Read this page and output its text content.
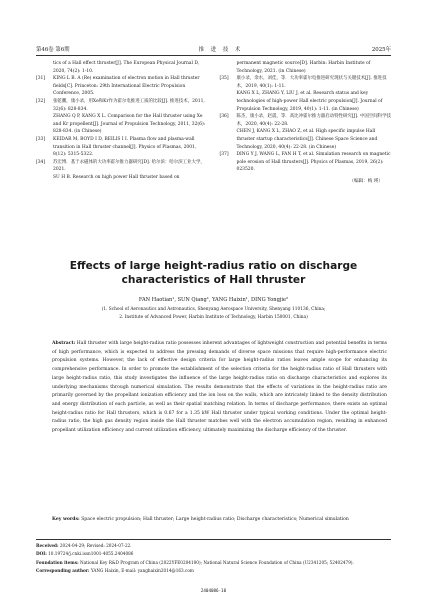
第46卷 第6期	推 进 技 术	2025年
tics of a Hall effect thruster[J]. The European Physical Journal D, 2020, 74(2): 1-10.
[31]	KING L B. A (Re) examination of electron motion in Hall thruster fields[C]. Princeton: 29th International Electric Propulsion Conference, 2005.
[32]	张乾鹏，康小录，用Xe和Kr作为霍尔电推进工质的比较[J]. 推进技术，2011, 32(6): 828-834.
ZHANG Q P, KANG X L. Comparison for the Hall thruster using Xe and Kr propellent[J]. Journal of Propulsion Technology, 2011, 32(6): 828-834. (in Chinese)
[33]	KEIDAR M, BOYD I D, BEILIS I I. Plasma flow and plasma-wall transition in Hall thruster channel[J]. Physics of Plasmas, 2001, 8(12): 5315-5322.
[34]	苏宏博．基于永磁体的大功率霍尔推力器研究[D]. 哈尔滨：哈尔滨工业大学，2021.
SU H B. Research on high power Hall thruster based on
permanent magnetic source[D]. Harbin: Harbin Institute of Technology, 2021. (in Chinese)
[35]	康小录，余水，刘佳，等．大功率霍尔电推进研究现状与关键技术[J]. 推进技术，2019, 40(1): 1-11.
KANG X L, ZHANG Y, LIU J, et al. Research status and key technologies of high-power Hall electric propulsion[J]. Journal of Propulsion Technology, 2019, 40(1): 1-11. (in Chinese)
[36]	陈杰，康小录，赵震，等．高比冲霍尔推力器启动特性研究[J]. 中国空间科学技术，2020, 40(4): 22-28.
CHEN J, KANG X L, ZHAO Z, et al. High specific impulse Hall thruster startup characteristics[J]. Chinese Space Science and Technology, 2020, 40(4): 22-28. (in Chinese)
[37]	DING Y J, WANG L, FAN H T, et al. Simulation research on magnetic pole erosion of Hall thrusters[J]. Physics of Plasmas, 2019, 26(2): 023520.
（编辑：梅 瑛）
Effects of large height-radius ratio on discharge characteristics of Hall thruster
FAN Haotian¹, SUN Qiang¹, YANG Haixin¹, DING Yongjie²
(1. School of Aeronautics and Astronautics, Shenyang Aerospace University, Shenyang 110136, China;
2. Institute of Advanced Power, Harbin Institute of Technology, Harbin 150001, China)
Abstract: Hall thruster with large height-radius ratio possesses inherent advantages of lightweight construction and potential benefits in terms of high performance, which is expected to address the pressing demands of diverse space missions that require high-performance electric propulsion systems. However, the lack of effective design criteria for large height-radius ratios leaves ample scope for enhancing its comprehensive performance. In order to promote the establishment of the selection criteria for the height-radius ratio of Hall thrusters with large height-radius ratio, this study investigates the influence of the large height-radius ratio on discharge characteristics and explores its underlying mechanisms through numerical simulation. The results demonstrate that the effects of variations in the height-radius ratio are primarily governed by the propellant ionization efficiency and the ion loss on the walls, which are intricately linked to the density distribution and energy distribution of each particle, as well as their spatial matching relation. In terms of discharge performance, there exists an optimal height-radius ratio for Hall thrusters, which is 0.67 for a 1.35 kW Hall thruster under typical working conditions. Under the optimal height-radius ratio, the high gas density region inside the Hall thruster matches well with the electron accumulation region, resulting in enhanced propellant utilization efficiency and current utilization efficiency, ultimately maximizing the discharge efficiency of the thruster.
Key words: Space electric propulsion; Hall thruster; Large height-radius ratio; Discharge characteristics; Numerical simulation
Received: 2024-04-29; Revised: 2024-07-22.
DOI: 10.19724/j.cnki.issn1001-4055.2404086
Foundation items: National Key R&D Program of China (2022YFE0204100); National Natural Science Foundation of China (U2341205; 52402479).
Corresponding author: YANG Haixin, E-mail: yanghaixin2014@163.com
2404086-10
